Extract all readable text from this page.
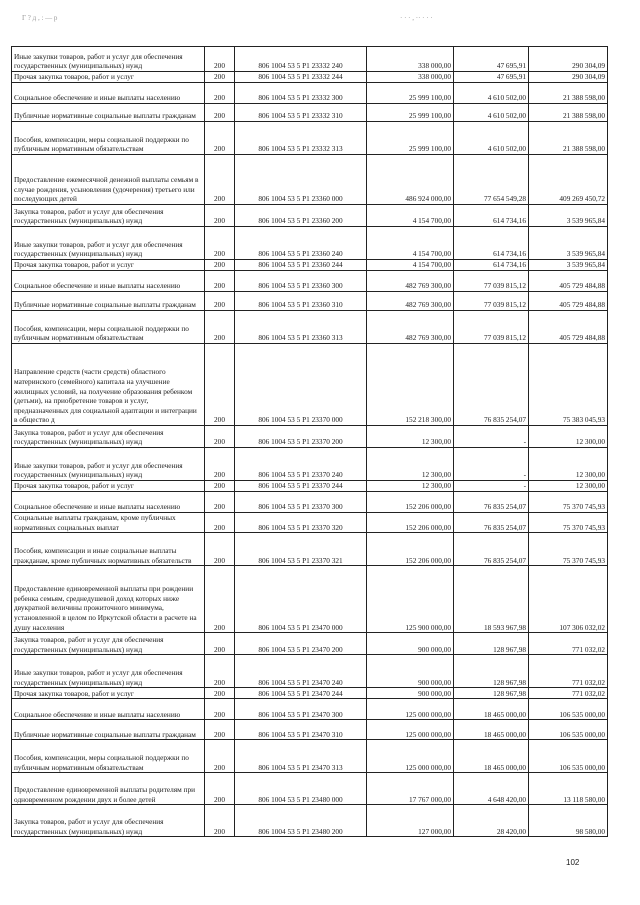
Г ? д , : — р	· · · , ·· · · ·
Иные закупки товаров, работ и услуг для обеспечения государственных (муниципальных) нужд	200	806 1004 53 5 Р1 23332 240	338 000,00	47 695,91	290 304,09
Прочая закупка товаров, работ и услуг	200	806 1004 53 5 Р1 23332 244	338 000,00	47 695,91	290 304,09
Социальное обеспечение и иные выплаты населению	200	806 1004 53 5 Р1 23332 300	25 999 100,00	4 610 502,00	21 388 598,00
Публичные нормативные социальные выплаты гражданам	200	806 1004 53 5 Р1 23332 310	25 999 100,00	4 610 502,00	21 388 598,00
Пособия, компенсации, меры социальной поддержки по публичным нормативным обязательствам	200	806 1004 53 5 Р1 23332 313	25 999 100,00	4 610 502,00	21 388 598,00
Предоставление ежемесячной денежной выплаты семьям в случае рождения, усыновления (удочерения) третьего или последующих детей	200	806 1004 53 5 Р1 23360 000	486 924 000,00	77 654 549,28	409 269 450,72
Закупка товаров, работ и услуг для обеспечения государственных (муниципальных) нужд	200	806 1004 53 5 Р1 23360 200	4 154 700,00	614 734,16	3 539 965,84
Иные закупки товаров, работ и услуг для обеспечения государственных (муниципальных) нужд	200	806 1004 53 5 Р1 23360 240	4 154 700,00	614 734,16	3 539 965,84
Прочая закупка товаров, работ и услуг	200	806 1004 53 5 Р1 23360 244	4 154 700,00	614 734,16	3 539 965,84
Социальное обеспечение и иные выплаты населению	200	806 1004 53 5 Р1 23360 300	482 769 300,00	77 039 815,12	405 729 484,88
Публичные нормативные социальные выплаты гражданам	200	806 1004 53 5 Р1 23360 310	482 769 300,00	77 039 815,12	405 729 484,88
Пособия, компенсации, меры социальной поддержки по публичным нормативным обязательствам	200	806 1004 53 5 Р1 23360 313	482 769 300,00	77 039 815,12	405 729 484,88
Направление средств (части средств) областного материнского (семейного) капитала на улучшение жилищных условий, на получение образования ребенком (детьми), на приобретение товаров и услуг, предназначенных для социальной адаптации и интеграции в общество д	200	806 1004 53 5 Р1 23370 000	152 218 300,00	76 835 254,07	75 383 045,93
Закупка товаров, работ и услуг для обеспечения государственных (муниципальных) нужд	200	806 1004 53 5 Р1 23370 200	12 300,00	-	12 300,00
Иные закупки товаров, работ и услуг для обеспечения государственных (муниципальных) нужд	200	806 1004 53 5 Р1 23370 240	12 300,00	-	12 300,00
Прочая закупка товаров, работ и услуг	200	806 1004 53 5 Р1 23370 244	12 300,00	-	12 300,00
Социальное обеспечение и иные выплаты населению	200	806 1004 53 5 Р1 23370 300	152 206 000,00	76 835 254,07	75 370 745,93
Социальные выплаты гражданам, кроме публичных нормативных социальных выплат	200	806 1004 53 5 Р1 23370 320	152 206 000,00	76 835 254,07	75 370 745,93
Пособия, компенсации и иные социальные выплаты гражданам, кроме публичных нормативных обязательств	200	806 1004 53 5 Р1 23370 321	152 206 000,00	76 835 254,07	75 370 745,93
Предоставление единовременной выплаты при рождении ребенка семьям, среднедушевой доход которых ниже двукратной величины прожиточного минимума, установленной в целом по Иркутской области в расчете на душу населения	200	806 1004 53 5 Р1 23470 000	125 900 000,00	18 593 967,98	107 306 032,02
Закупка товаров, работ и услуг для обеспечения государственных (муниципальных) нужд	200	806 1004 53 5 Р1 23470 200	900 000,00	128 967,98	771 032,02
Иные закупки товаров, работ и услуг для обеспечения государственных (муниципальных) нужд	200	806 1004 53 5 Р1 23470 240	900 000,00	128 967,98	771 032,02
Прочая закупка товаров, работ и услуг	200	806 1004 53 5 Р1 23470 244	900 000,00	128 967,98	771 032,02
Социальное обеспечение и иные выплаты населению	200	806 1004 53 5 Р1 23470 300	125 000 000,00	18 465 000,00	106 535 000,00
Публичные нормативные социальные выплаты гражданам	200	806 1004 53 5 Р1 23470 310	125 000 000,00	18 465 000,00	106 535 000,00
Пособия, компенсации, меры социальной поддержки по публичным нормативным обязательствам	200	806 1004 53 5 Р1 23470 313	125 000 000,00	18 465 000,00	106 535 000,00
Предоставление единовременной выплаты родителям при одновременном рождении двух и более детей	200	806 1004 53 5 Р1 23480 000	17 767 000,00	4 648 420,00	13 118 580,00
Закупка товаров, работ и услуг для обеспечения государственных (муниципальных) нужд	200	806 1004 53 5 Р1 23480 200	127 000,00	28 420,00	98 580,00
102
